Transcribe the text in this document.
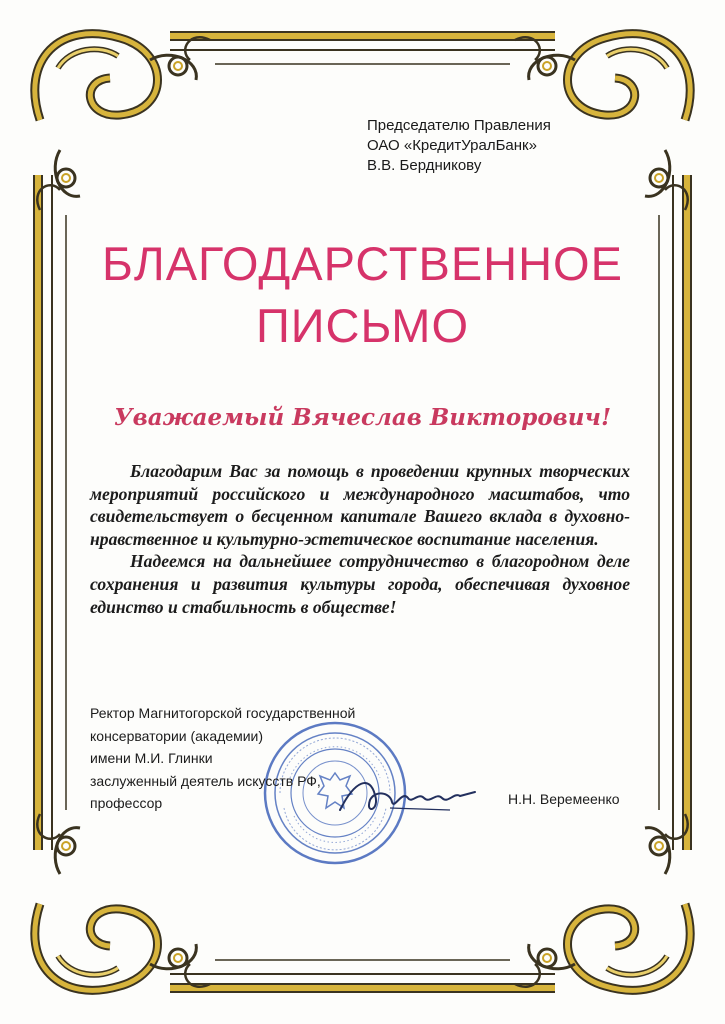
Председателю Правления
ОАО «КредитУралБанк»
В.В. Бердникову
БЛАГОДАРСТВЕННОЕ
ПИСЬМО
Уважаемый Вячеслав Викторович!

Благодарим Вас за помощь в проведении крупных творческих мероприятий российского и международного масштабов, что свидетельствует о бесценном капитале Вашего вклада в духовно-нравственное и культурно-эстетическое воспитание населения.

Надеемся на дальнейшее сотрудничество в благородном деле сохранения и развития культуры города, обеспечивая духовное единство и стабильность в обществе!

Ректор Магнитогорской государственной
консерватории (академии)
имени М.И. Глинки
заслуженный деятель искусств РФ,
профессор	Н.Н. Веремеенко
